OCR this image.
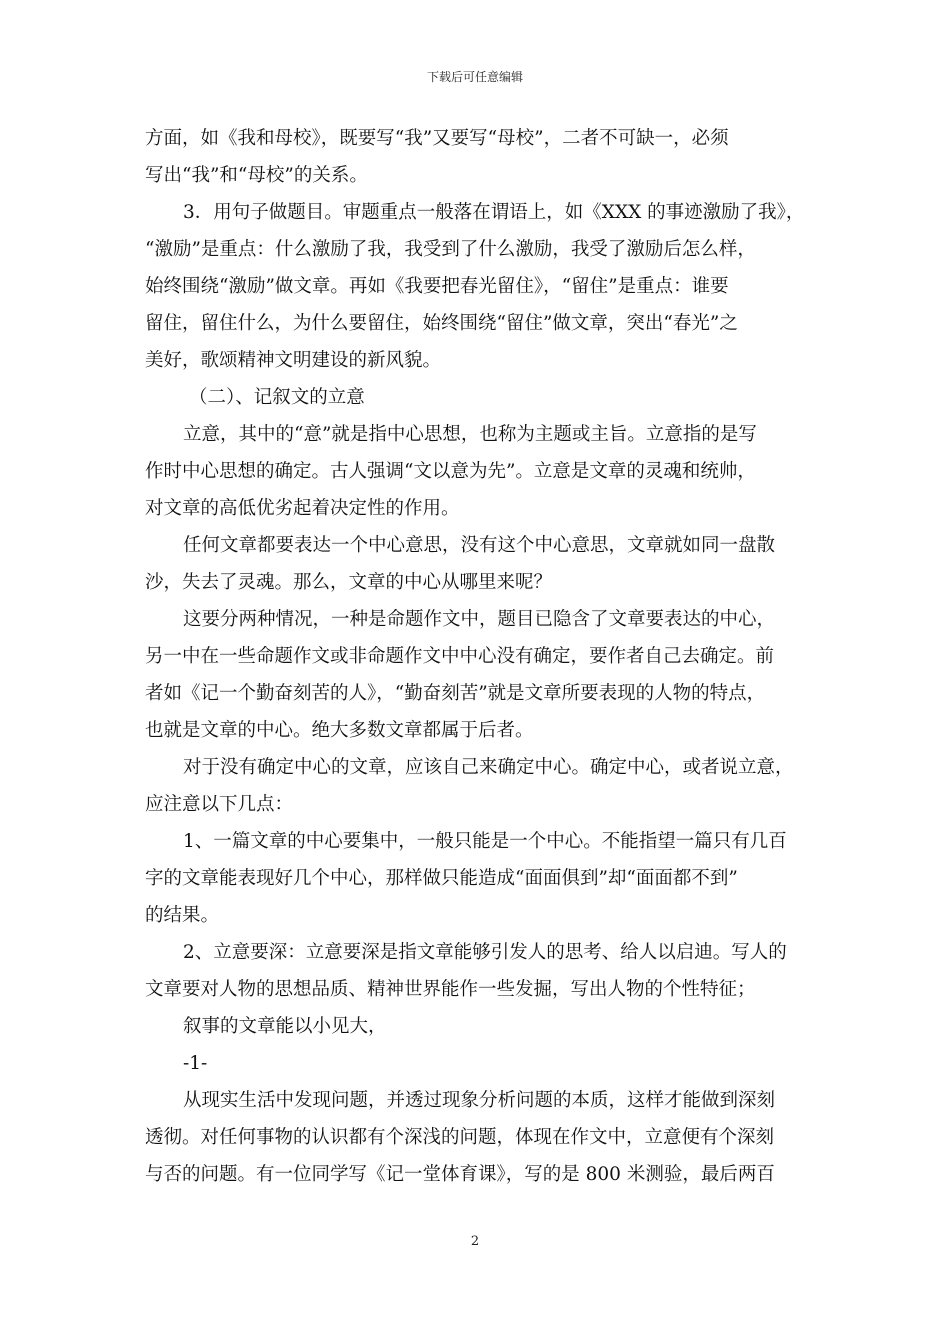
下载后可任意编辑
方面，如《我和母校》，既要写“我”又要写“母校”，二者不可缺一，必须
写出“我”和“母校”的关系。
3．用句子做题目。审题重点一般落在谓语上，如《XXX 的事迹激励了我》，
“激励”是重点：什么激励了我，我受到了什么激励，我受了激励后怎么样，
始终围绕“激励”做文章。再如《我要把春光留住》，“留住”是重点：谁要
留住，留住什么，为什么要留住，始终围绕“留住”做文章，突出“春光”之
美好，歌颂精神文明建设的新风貌。
（二）、记叙文的立意
立意，其中的“意”就是指中心思想，也称为主题或主旨。立意指的是写
作时中心思想的确定。古人强调“文以意为先”。立意是文章的灵魂和统帅，
对文章的高低优劣起着决定性的作用。
任何文章都要表达一个中心意思，没有这个中心意思，文章就如同一盘散
沙，失去了灵魂。那么，文章的中心从哪里来呢？
这要分两种情况，一种是命题作文中，题目已隐含了文章要表达的中心，
另一中在一些命题作文或非命题作文中中心没有确定，要作者自己去确定。前
者如《记一个勤奋刻苦的人》，“勤奋刻苦”就是文章所要表现的人物的特点，
也就是文章的中心。绝大多数文章都属于后者。
对于没有确定中心的文章，应该自己来确定中心。确定中心，或者说立意，
应注意以下几点：
1、一篇文章的中心要集中，一般只能是一个中心。不能指望一篇只有几百
字的文章能表现好几个中心，那样做只能造成“面面俱到”却“面面都不到”
的结果。
2、立意要深：立意要深是指文章能够引发人的思考、给人以启迪。写人的
文章要对人物的思想品质、精神世界能作一些发掘，写出人物的个性特征；
叙事的文章能以小见大，
-1-
从现实生活中发现问题，并透过现象分析问题的本质，这样才能做到深刻
透彻。对任何事物的认识都有个深浅的问题，体现在作文中，立意便有个深刻
与否的问题。有一位同学写《记一堂体育课》，写的是 800 米测验，最后两百
2
